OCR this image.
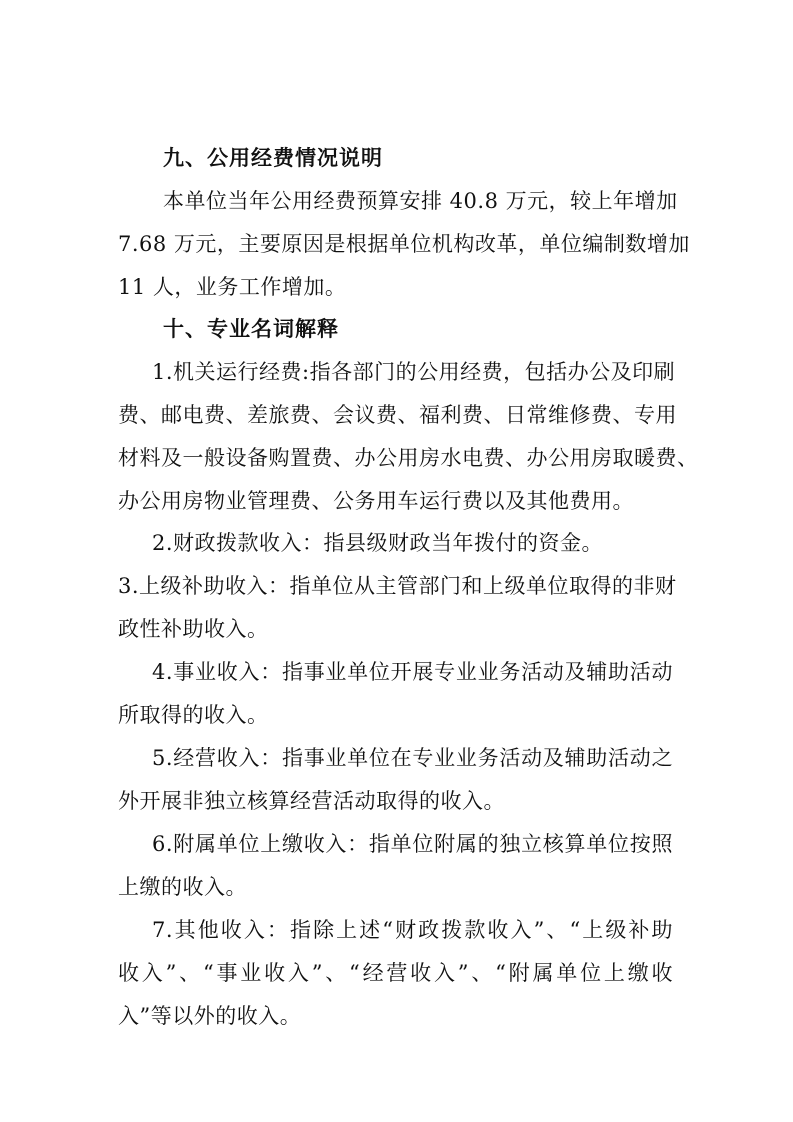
九、公用经费情况说明
本单位当年公用经费预算安排 40.8 万元，较上年增加
7.68 万元，主要原因是根据单位机构改革，单位编制数增加
11 人，业务工作增加。
十、专业名词解释
1.机关运行经费:指各部门的公用经费，包括办公及印刷
费、邮电费、差旅费、会议费、福利费、日常维修费、专用
材料及一般设备购置费、办公用房水电费、办公用房取暖费、
办公用房物业管理费、公务用车运行费以及其他费用。
2.财政拨款收入：指县级财政当年拨付的资金。
3.上级补助收入：指单位从主管部门和上级单位取得的非财
政性补助收入。
4.事业收入：指事业单位开展专业业务活动及辅助活动
所取得的收入。
5.经营收入：指事业单位在专业业务活动及辅助活动之
外开展非独立核算经营活动取得的收入。
6.附属单位上缴收入：指单位附属的独立核算单位按照
上缴的收入。
7.其他收入：指除上述“财政拨款收入”、“上级补助
收入”、“事业收入”、“经营收入”、“附属单位上缴收
入”等以外的收入。
